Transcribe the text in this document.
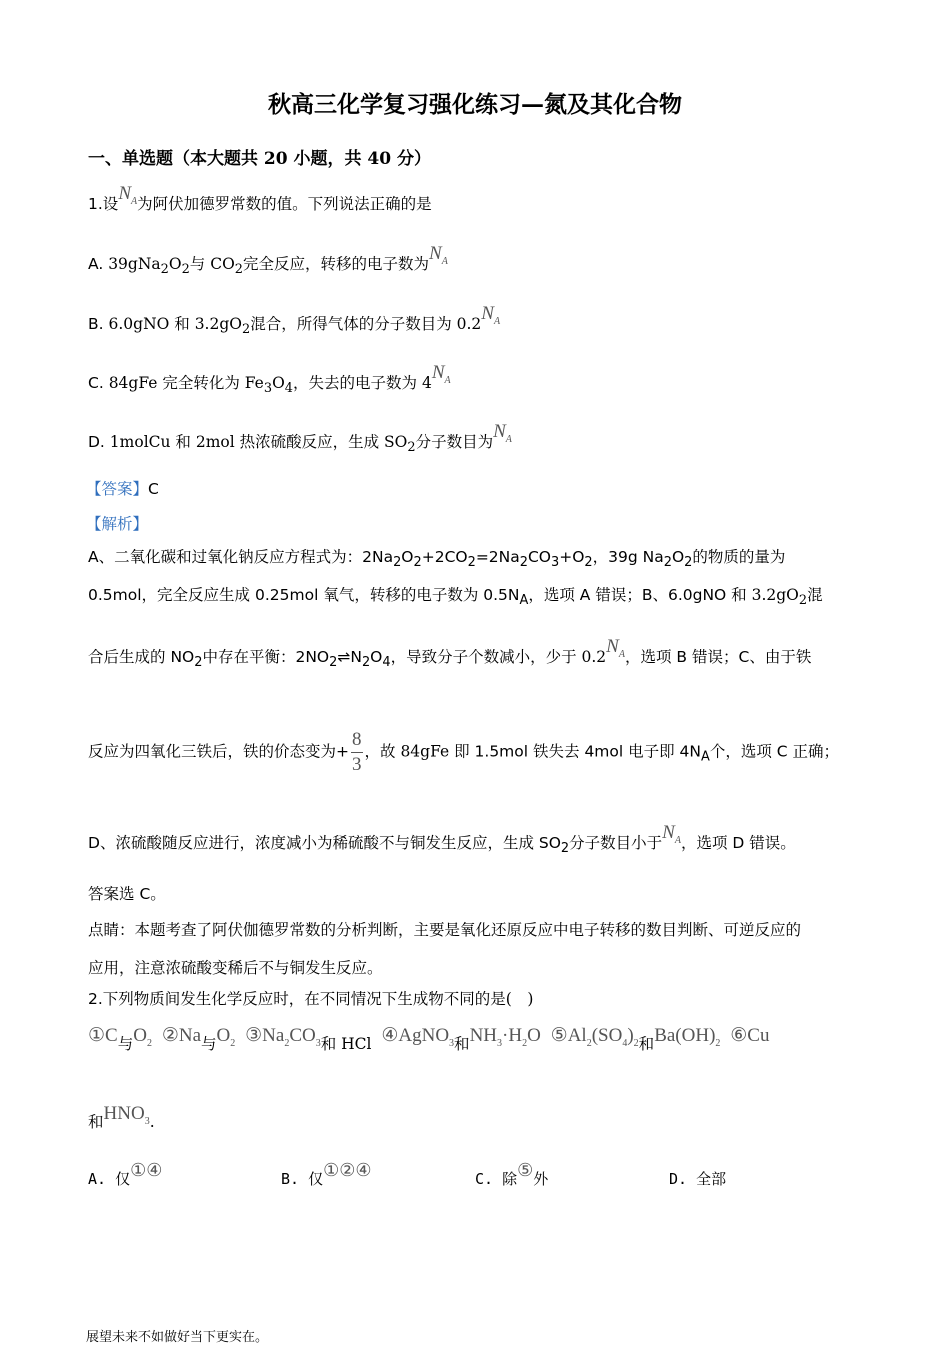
秋高三化学复习强化练习—氮及其化合物
一、单选题（本大题共 20 小题，共 40 分）
1.设$N_A$为阿伏加德罗常数的值。下列说法正确的是
A. $39gNa_2O_2$与 $CO_2$完全反应，转移的电子数为$N_A$
B. 6.0gNO 和 $3.2gO_2$混合，所得气体的分子数目为 $0.2N_A$
C. 84gFe 完全转化为 $Fe_3O_4$，失去的电子数为 $4N_A$
D. 1molCu 和 2mol 热浓硫酸反应，生成 $SO_2$分子数目为$N_A$
【答案】C
【解析】
A、二氧化碳和过氧化钠反应方程式为：$2Na_2O_2+2CO_2=2Na_2CO_3+O_2$，39g $Na_2O_2$的物质的量为
0.5mol，完全反应生成 0.25mol 氧气，转移的电子数为 $0.5N_A$，选项 A 错误；B、6.0gNO 和 $3.2gO_2$混
合后生成的 $NO_2$中存在平衡：$2NO_2\rightleftharpoons N_2O_4$，导致分子个数减小，少于 $0.2N_A$，选项 B 错误；C、由于铁
反应为四氧化三铁后，铁的价态变为+ $\frac{8}{3}$ ，故 84gFe 即 1.5mol 铁失去 4mol 电子即 $4N_A$个，选项 C 正确；
D、浓硫酸随反应进行，浓度减小为稀硫酸不与铜发生反应，生成 $SO_2$分子数目小于$N_A$，选项 D 错误。
答案选 C。
点睛：本题考查了阿伏伽德罗常数的分析判断，主要是氧化还原反应中电子转移的数目判断、可逆反应的
应用，注意浓硫酸变稀后不与铜发生反应。
2.下列物质间发生化学反应时，在不同情况下生成物不同的是(　)
①C与$O_2$ ②Na与$O_2$ $③Na_2CO_3$和 HCl ④AgNO$_3$和$NH_3\cdot H_2O$ $⑤Al_2(SO_4)_2$和$Ba(OH)_2$ ⑥Cu
和$HNO_3$.
A. 仅①④	B. 仅①②④	C. 除⑤外	D. 全部
展望未来不如做好当下更实在。
